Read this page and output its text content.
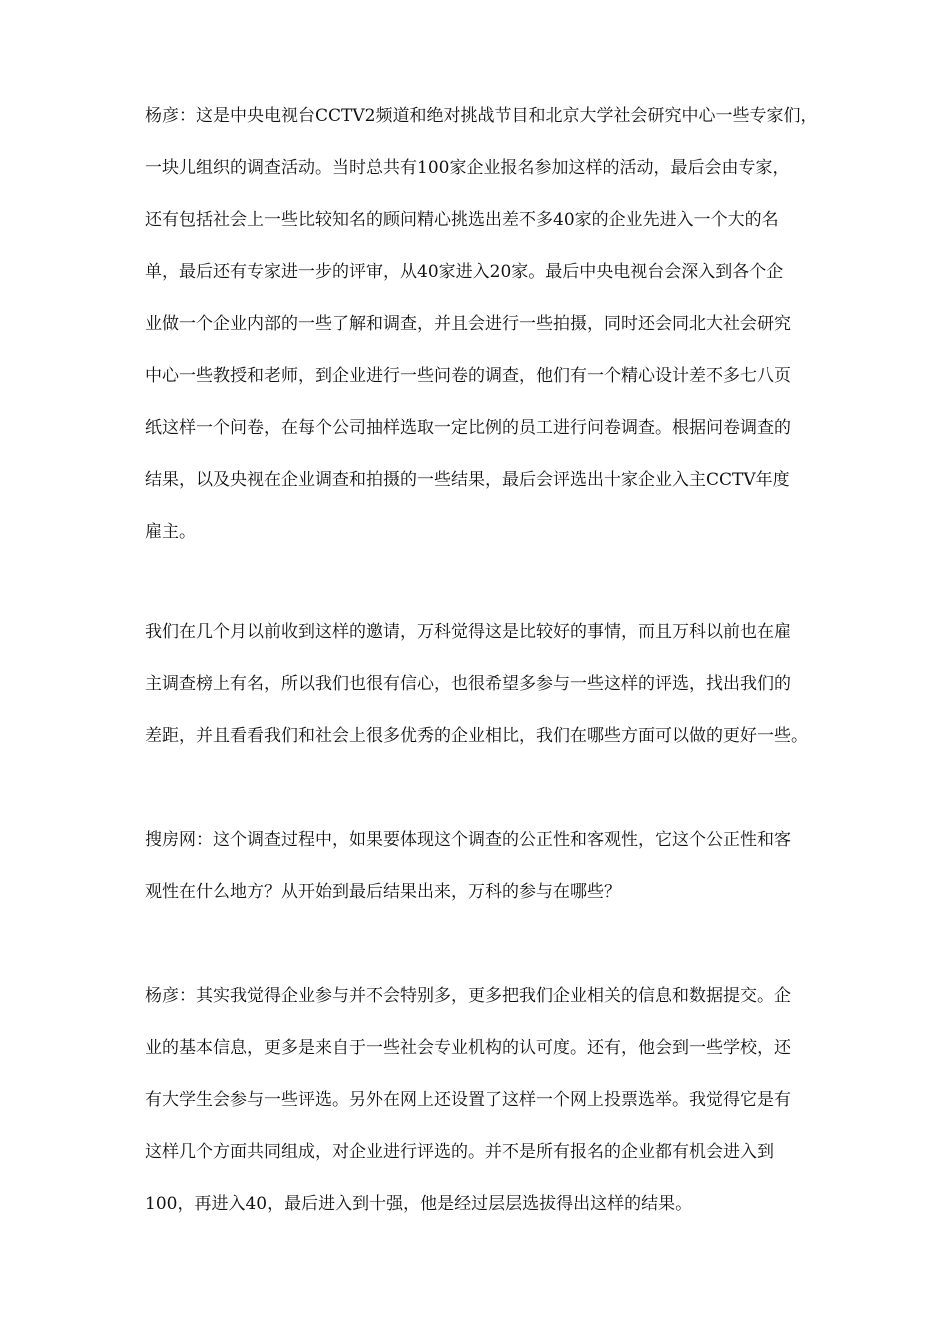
杨彦：这是中央电视台CCTV2频道和绝对挑战节目和北京大学社会研究中心一些专家们，
一块儿组织的调查活动。当时总共有100家企业报名参加这样的活动，最后会由专家，
还有包括社会上一些比较知名的顾问精心挑选出差不多40家的企业先进入一个大的名
单，最后还有专家进一步的评审，从40家进入20家。最后中央电视台会深入到各个企
业做一个企业内部的一些了解和调查，并且会进行一些拍摄，同时还会同北大社会研究
中心一些教授和老师，到企业进行一些问卷的调查，他们有一个精心设计差不多七八页
纸这样一个问卷，在每个公司抽样选取一定比例的员工进行问卷调查。根据问卷调查的
结果，以及央视在企业调查和拍摄的一些结果，最后会评选出十家企业入主CCTV年度
雇主。
我们在几个月以前收到这样的邀请，万科觉得这是比较好的事情，而且万科以前也在雇
主调查榜上有名，所以我们也很有信心，也很希望多参与一些这样的评选，找出我们的
差距，并且看看我们和社会上很多优秀的企业相比，我们在哪些方面可以做的更好一些。
搜房网：这个调查过程中，如果要体现这个调查的公正性和客观性，它这个公正性和客
观性在什么地方？从开始到最后结果出来，万科的参与在哪些？
杨彦：其实我觉得企业参与并不会特别多，更多把我们企业相关的信息和数据提交。企
业的基本信息，更多是来自于一些社会专业机构的认可度。还有，他会到一些学校，还
有大学生会参与一些评选。另外在网上还设置了这样一个网上投票选举。我觉得它是有
这样几个方面共同组成，对企业进行评选的。并不是所有报名的企业都有机会进入到
100，再进入40，最后进入到十强，他是经过层层选拔得出这样的结果。
